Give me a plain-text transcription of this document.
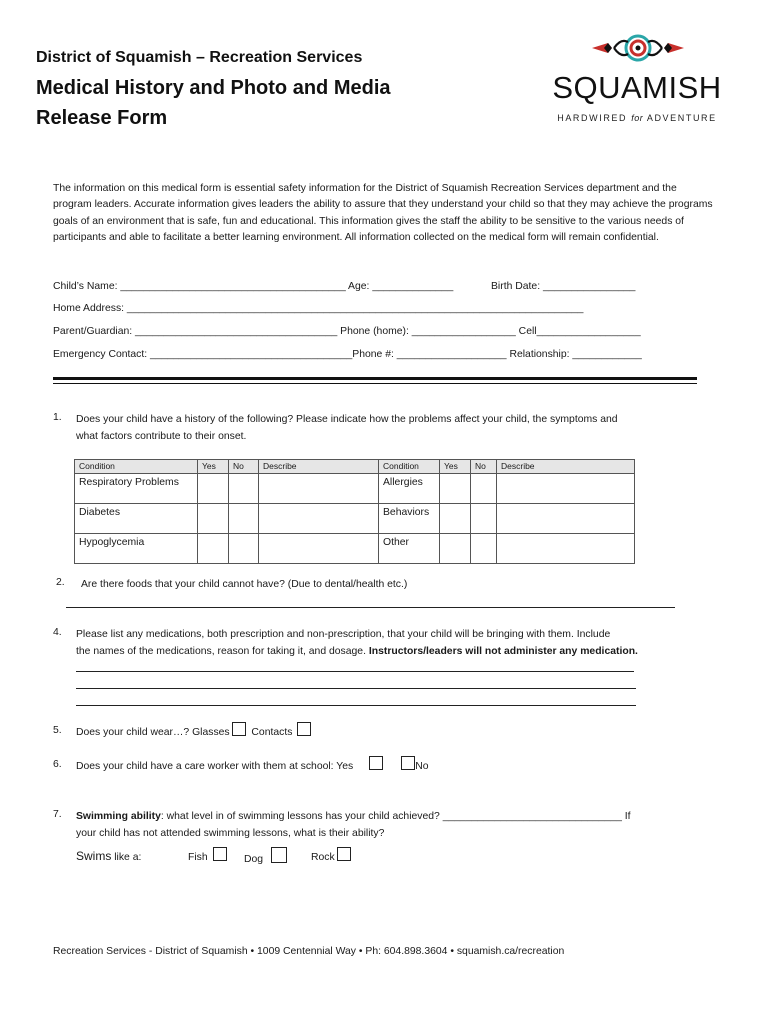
District of Squamish – Recreation Services
Medical History and Photo and Media
Release Form
SQUAMISH
HARDWIRED for ADVENTURE
The information on this medical form is essential safety information for the District of Squamish Recreation Services department and the program leaders. Accurate information gives leaders the ability to assure that they understand your child so that they may achieve the programs goals of an environment that is safe, fun and educational. This information gives the staff the ability to be sensitive to the various needs of participants and able to facilitate a better learning environment. All information collected on the medical form will remain confidential.
Child’s Name: _______________________________________ Age: ______________	Birth Date: ________________
Home Address: _______________________________________________________________________________
Parent/Guardian: ___________________________________ Phone (home): __________________ Cell__________________
Emergency Contact: ___________________________________Phone #: ___________________ Relationship: ____________
1. Does your child have a history of the following? Please indicate how the problems affect your child, the symptoms and
what factors contribute to their onset.
Condition	Yes	No	Describe	Condition	Yes	No	Describe
Respiratory Problems				Allergies			
Diabetes				Behaviors			
Hypoglycemia				Other			
2. Are there foods that your child cannot have? (Due to dental/health etc.)
4. Please list any medications, both prescription and non-prescription, that your child will be bringing with them. Include
the names of the medications, reason for taking it, and dosage. Instructors/leaders will not administer any medication.
5. Does your child wear…? Glasses Contacts
6. Does your child have a care worker with them at school: Yes	No
7. Swimming ability: what level in of swimming lessons has your child achieved? _______________________________ If
your child has not attended swimming lessons, what is their ability?
Swims like a:	Fish	Dog	Rock
Recreation Services - District of Squamish • 1009 Centennial Way • Ph: 604.898.3604 • squamish.ca/recreation
